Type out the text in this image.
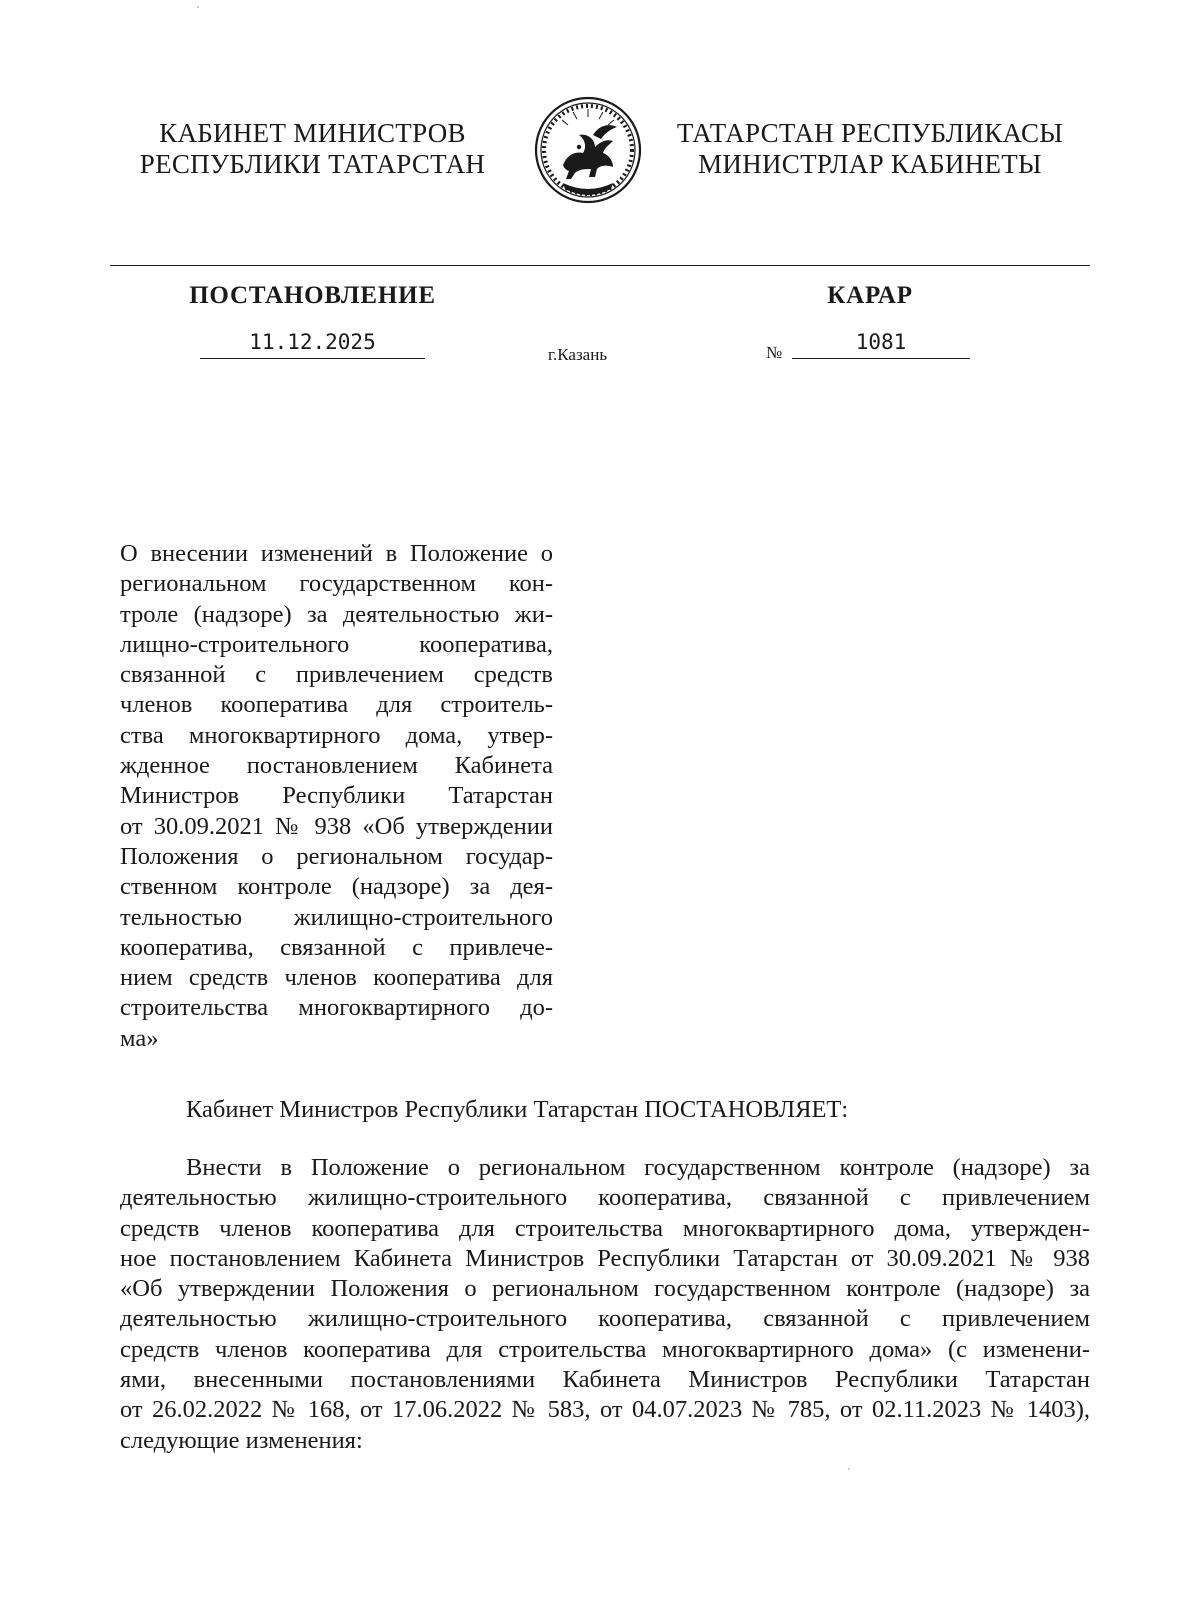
КАБИНЕТ МИНИСТРОВ
РЕСПУБЛИКИ ТАТАРСТАН
ТАТАРСТАН РЕСПУБЛИКАСЫ
МИНИСТРЛАР КАБИНЕТЫ
ТАТАРСТАН
ПОСТАНОВЛЕНИЕ	КАРАР
11.12.2025
г.Казань	№	1081
О внесении изменений в Положение о
региональном государственном кон-
троле (надзоре) за деятельностью жи-
лищно-строительного кооператива,
связанной с привлечением средств
членов кооператива для строитель-
ства многоквартирного дома, утвер-
жденное постановлением Кабинета
Министров Республики Татарстан
от 30.09.2021 № 938 «Об утверждении
Положения о региональном государ-
ственном контроле (надзоре) за дея-
тельностью жилищно-строительного
кооператива, связанной с привлече-
нием средств членов кооператива для
строительства многоквартирного до-
ма»
Кабинет Министров Республики Татарстан ПОСТАНОВЛЯЕТ:
Внести в Положение о региональном государственном контроле (надзоре) за
деятельностью жилищно-строительного кооператива, связанной с привлечением
средств членов кооператива для строительства многоквартирного дома, утвержден-
ное постановлением Кабинета Министров Республики Татарстан от 30.09.2021 № 938
«Об утверждении Положения о региональном государственном контроле (надзоре) за
деятельностью жилищно-строительного кооператива, связанной с привлечением
средств членов кооператива для строительства многоквартирного дома» (с изменени-
ями, внесенными постановлениями Кабинета Министров Республики Татарстан
от 26.02.2022 № 168, от 17.06.2022 № 583, от 04.07.2023 № 785, от 02.11.2023 № 1403),
следующие изменения:
